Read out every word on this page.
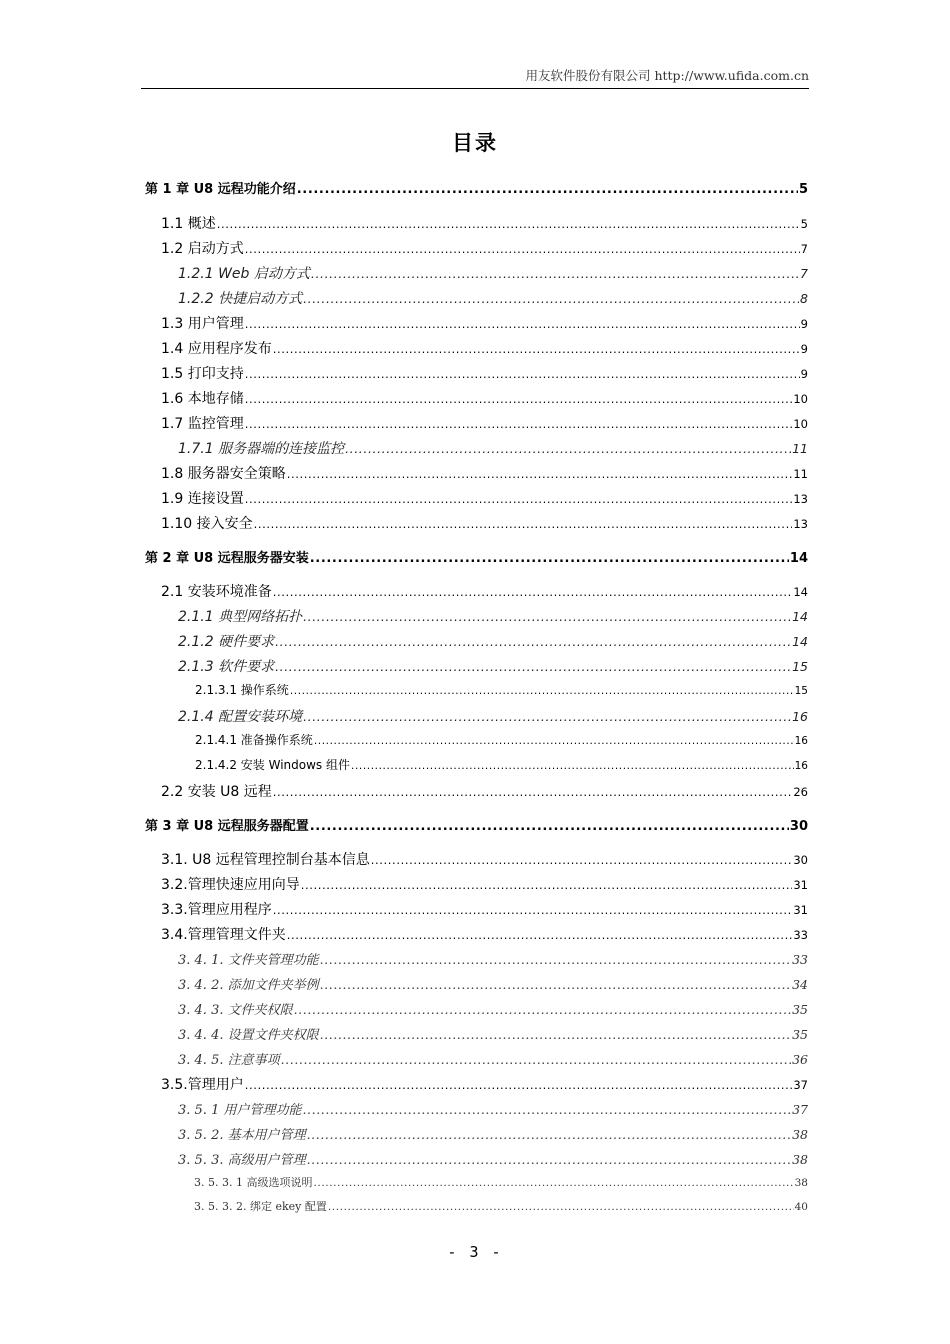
用友软件股份有限公司 http://www.ufida.com.cn
目录
第 1 章 U8 远程功能介绍 .....	5
1.1 概述 .....	5
1.2 启动方式 .....	7
1.2.1 Web 启动方式 .....	7
1.2.2 快捷启动方式 .....	8
1.3 用户管理 .....	9
1.4 应用程序发布 .....	9
1.5 打印支持 .....	9
1.6 本地存储 .....	10
1.7 监控管理 .....	10
1.7.1 服务器端的连接监控 .....	11
1.8 服务器安全策略 .....	11
1.9 连接设置 .....	13
1.10 接入安全 .....	13
第 2 章 U8 远程服务器安装 .....	14
2.1 安装环境准备 .....	14
2.1.1 典型网络拓扑 .....	14
2.1.2 硬件要求 .....	14
2.1.3 软件要求 .....	15
2.1.3.1 操作系统 .....	15
2.1.4 配置安装环境 .....	16
2.1.4.1 准备操作系统 .....	16
2.1.4.2 安装 Windows 组件 .....	16
2.2 安装 U8 远程 .....	26
第 3 章 U8 远程服务器配置 .....	30
3.1. U8 远程管理控制台基本信息 .....	30
3.2.管理快速应用向导 .....	31
3.3.管理应用程序 .....	31
3.4.管理管理文件夹 .....	33
3. 4. 1. 文件夹管理功能 .....	33
3. 4. 2. 添加文件夹举例 .....	34
3. 4. 3. 文件夹权限 .....	35
3. 4. 4. 设置文件夹权限 .....	35
3. 4. 5. 注意事项 .....	36
3.5.管理用户 .....	37
3. 5. 1 用户管理功能 .....	37
3. 5. 2. 基本用户管理 .....	38
3. 5. 3. 高级用户管理 .....	38
3. 5. 3. 1 高级选项说明 .....	38
3. 5. 3. 2. 绑定 ekey 配置 .....	40
- 3 -
